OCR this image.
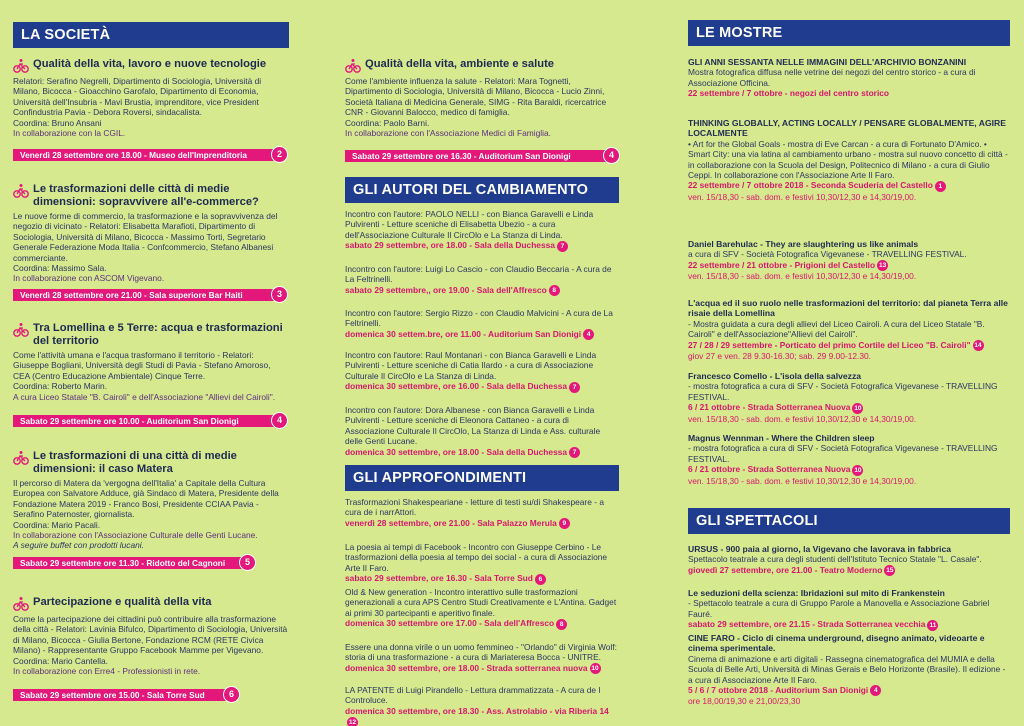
LA SOCIETÀ
Qualità della vita, lavoro e nuove tecnologie
Relatori: Serafino Negrelli, Dipartimento di Sociologia, Università di Milano, Bicocca - Gioacchino Garofalo, Dipartimento di Economia, Università dell'Insubria - Mavi Brustia, imprenditore, vice President Confindustria Pavia - Debora Roversi, sindacalista.
Coordina: Bruno Ansani
In collaborazione con la CGIL.
Venerdì 28 settembre ore 18.00 - Museo dell'Imprenditoria	2
Le trasformazioni delle città di medie dimensioni: sopravvivere all'e-commerce?
Le nuove forme di commercio, la trasformazione e la sopravvivenza del negozio di vicinato - Relatori: Elisabetta Marafioti, Dipartimento di Sociologia, Università di Milano, Bicocca - Massimo Torti, Segretario Generale Federazione Moda Italia - Confcommercio, Stefano Albanesi commerciante.
Coordina: Massimo Sala.
In collaborazione con ASCOM Vigevano.
Venerdì 28 settembre ore 21.00 - Sala superiore Bar Haiti	3
Tra Lomellina e 5 Terre: acqua e trasformazioni del territorio
Come l'attività umana e l'acqua trasformano il territorio - Relatori: Giuseppe Bogliani, Università degli Studi di Pavia - Stefano Amoroso, CEA (Centro Educazione Ambientale) Cinque Terre.
Coordina: Roberto Marin.
A cura Liceo Statale "B. Cairoli" e dell'Associazione "Allievi del Cairoli".
Sabato 29 settembre ore 10.00 - Auditorium San Dionigi	4
Le trasformazioni di una città di medie dimensioni: il caso Matera
Il percorso di Matera da 'vergogna dell'Italia' a Capitale della Cultura Europea con Salvatore Adduce, già Sindaco di Matera, Presidente della Fondazione Matera 2019 - Franco Bosi, Presidente CCIAA Pavia - Serafino Paternoster, giornalista.
Coordina: Mario Pacali.
In collaborazione con l'Associazione Culturale delle Genti Lucane.
A seguire buffet con prodotti lucani.
Sabato 29 settembre ore 11.30 - Ridotto del Cagnoni	5
Partecipazione e qualità della vita
Come la partecipazione dei cittadini può contribuire alla trasformazione della città - Relatori: Lavinia Bifulco, Dipartimento di Sociologia, Università di Milano, Bicocca - Giulia Bertone, Fondazione RCM (RETE Civica Milano) - Rappresentante Gruppo Facebook Mamme per Vigevano.
Coordina: Mario Cantella.
In collaborazione con Erre4 - Professionisti in rete.
Sabato 29 settembre ore 15.00 - Sala Torre Sud	6
Qualità della vita, ambiente e salute
Come l'ambiente influenza la salute - Relatori: Mara Tognetti, Dipartimento di Sociologia, Università di Milano, Bicocca - Lucio Zinni, Società Italiana di Medicina Generale, SIMG - Rita Baraldi, ricercatrice CNR - Giovanni Balocco, medico di famiglia.
Coordina: Paolo Barni.
In collaborazione con l'Associazione Medici di Famiglia.
Sabato 29 settembre ore 16.30 - Auditorium San Dionigi	4
GLI AUTORI DEL CAMBIAMENTO
Incontro con l'autore: PAOLO NELLI - con Bianca Garavelli e Linda Pulvirenti - Letture sceniche di Elisabetta Ubezio - a cura dell'Associazione Culturale Il CircOlo e La Stanza di Linda.
sabato 29 settembre, ore 18.00 - Sala della Duchessa 7
Incontro con l'autore: Luigi Lo Cascio - con Claudio Beccaria - A cura de La Feltrinelli.
sabato 29 settembre,, ore 19.00 - Sala dell'Affresco 8
Incontro con l'autore: Sergio Rizzo - con Claudio Malvicini - A cura de La Feltrinelli.
domenica 30 settem.bre, ore 11.00 - Auditorium San Dionigi 4
Incontro con l'autore: Raul Montanari - con Bianca Garavelli e Linda Pulvirenti - Letture sceniche di Catia Ilardo - a cura di Associazione Culturale Il CircOlo e La Stanza di Linda.
domenica 30 settembre, ore 16.00 - Sala della Duchessa 7
Incontro con l'autore: Dora Albanese - con Bianca Garavelli e Linda Pulvirenti - Letture sceniche di Eleonora Cattaneo - a cura di Associazione Culturale Il CircOlo, La Stanza di Linda e Ass. culturale delle Genti Lucane.
domenica 30 settembre, ore 18.00 - Sala della Duchessa 7
GLI APPROFONDIMENTI
Trasformazioni Shakespeariane - letture di testi su/di Shakespeare - a cura de i narrAttori.
venerdì 28 settembre, ore 21.00 - Sala Palazzo Merula 9
La poesia ai tempi di Facebook - Incontro con Giuseppe Cerbino - Le trasformazioni della poesia al tempo dei social - a cura di Associazione Arte Il Faro.
sabato 29 settembre, ore 16.30 - Sala Torre Sud 6
Old & New generation - Incontro interattivo sulle trasformazioni generazionali a cura APS Centro Studi Creativamente e L'Antina. Gadget ai primi 30 partecipanti e aperitivo finale.
domenica 30 settembre ore 17.00 - Sala dell'Affresco 8
Essere una donna virile o un uomo femmineo - "Orlando" di Virginia Wolf: storia di una trasformazione - a cura di Mariateresa Bocca - UNITRE.
domenica 30 settembre, ore 18.00 - Strada sotterranea nuova 10
LA PATENTE di Luigi Pirandello - Lettura drammatizzata - A cura de I Controluce.
domenica 30 settembre, ore 18.30 - Ass. Astrolabio - via Riberia 1412
LE MOSTRE
GLI ANNI SESSANTA NELLE IMMAGINI DELL'ARCHIVIO BONZANINI
Mostra fotografica diffusa nelle vetrine dei negozi del centro storico - a cura di Associazione Officina.
22 settembre / 7 ottobre - negozi del centro storico
THINKING GLOBALLY, ACTING LOCALLY / PENSARE GLOBALMENTE, AGIRE LOCALMENTE
• Art for the Global Goals - mostra di Eve Carcan - a cura di Fortunato D'Amico. • Smart City: una via latina al cambiamento urbano - mostra sul nuovo concetto di città - in collaborazione con la Scuola del Design, Politecnico di Milano - a cura di Giulio Ceppi. In collaborazione con l'Associazione Arte Il Faro.
22 settembre / 7 ottobre 2018 - Seconda Scuderia del Castello 1
ven. 15/18,30 - sab. dom. e festivi 10,30/12,30 e 14,30/19,00.
Daniel Barehulac - They are slaughtering us like animals
a cura di SFV - Società Fotografica Vigevanese - TRAVELLING FESTIVAL.
22 settembre / 21 ottobre - Prigioni del Castello 13
ven. 15/18,30 - sab. dom. e festivi 10,30/12,30 e 14,30/19,00.
L'acqua ed il suo ruolo nelle trasformazioni del territorio: dal pianeta Terra alle risaie della Lomellina
- Mostra guidata a cura degli allievi del Liceo Cairoli. A cura del Liceo Statale "B. Cairoli" e dell'Associazione"Allievi del Cairoli".
27 / 28 / 29 settembre - Porticato del primo Cortile del Liceo "B. Cairoli" 14
giov 27 e ven. 28 9.30-16.30; sab. 29 9.00-12.30.
Francesco Comello - L'isola della salvezza
- mostra fotografica a cura di SFV - Società Fotografica Vigevanese - TRAVELLING FESTIVAL.
6 / 21 ottobre - Strada Sotterranea Nuova 10
ven. 15/18,30 - sab. dom. e festivi 10,30/12,30 e 14,30/19,00.
Magnus Wennman - Where the Children sleep
- mostra fotografica a cura di SFV - Società Fotografica Vigevanese - TRAVELLING FESTIVAL.
6 / 21 ottobre - Strada Sotterranea Nuova 10
ven. 15/18,30 - sab. dom. e festivi 10,30/12,30 e 14,30/19,00.
GLI SPETTACOLI
URSUS - 900 paia al giorno, la Vigevano che lavorava in fabbrica
Spettacolo teatrale a cura degli studenti dell'Istituto Tecnico Statale "L. Casale".
giovedì 27 settembre, ore 21.00 - Teatro Moderno 15
Le seduzioni della scienza: Ibridazioni sul mito di Frankenstein
- Spettacolo teatrale a cura di Gruppo Parole a Manovella e Associazione Gabriel Fauré.
sabato 29 settembre, ore 21.15 - Strada Sotterranea vecchia 11
CINE FARO - Ciclo di cinema underground, disegno animato, videoarte e cinema sperimentale.
Cinema di animazione e arti digitali - Rassegna cinematografica del MUMIA e della Scuola di Belle Arti, Università di Minas Gerais e Belo Horizonte (Brasile). Il edizione - a cura di Associazione Arte Il Faro.
5 / 6 / 7 ottobre 2018 - Auditorium San Dionigi 4
ore 18,00/19,30 e 21,00/23,30
